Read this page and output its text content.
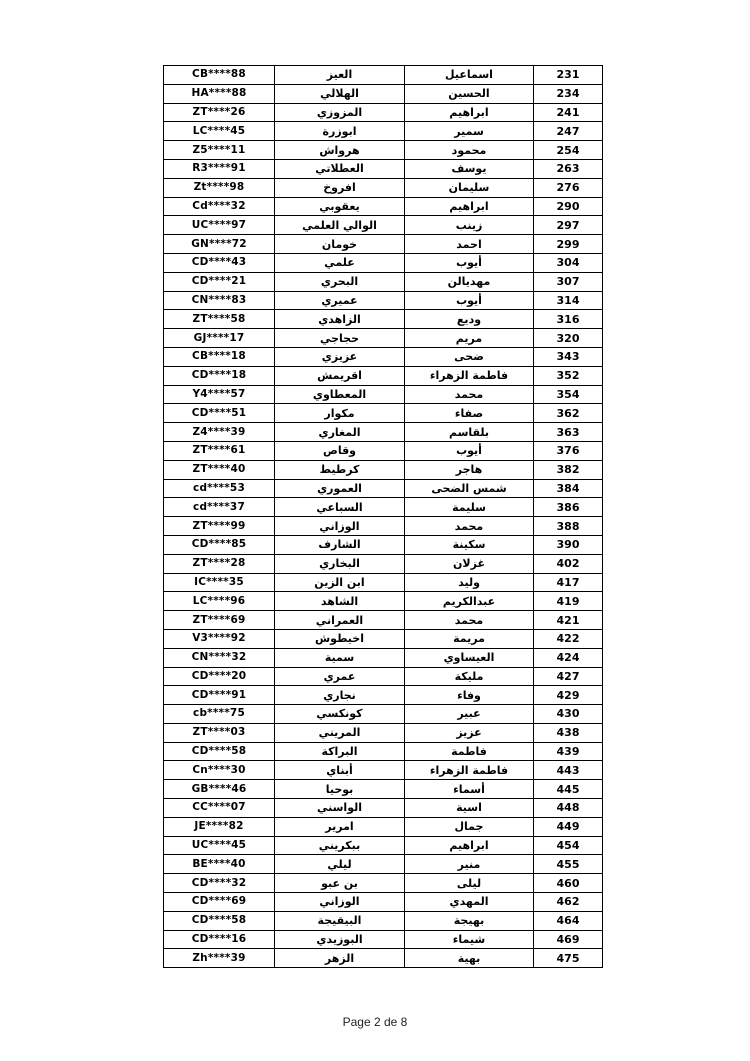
CB****88	العيز	اسماعيل	231
HA****88	الهلالي	الحسين	234
ZT****26	المزوزي	ابراهيم	241
LC****45	ابوزرة	سمير	247
Z5****11	هرواش	محمود	254
R3****91	العطلاتي	يوسف	263
Zt****98	افروخ	سليمان	276
Cd****32	يعقوبي	ابراهيم	290
UC****97	الوالي العلمي	زينب	297
GN****72	خومان	احمد	299
CD****43	علمي	أيوب	304
CD****21	البحري	مهديالن	307
CN****83	عميري	أيوب	314
ZT****58	الزاهدي	وديع	316
GJ****17	حجاجي	مريم	320
CB****18	عزيزي	ضحى	343
CD****18	اقريمش	فاطمة الزهراء	352
Y4****57	المعطاوي	محمد	354
CD****51	مكوار	صفاء	362
Z4****39	المغاري	بلقاسم	363
ZT****61	وقاص	أيوب	376
ZT****40	كرطيط	هاجر	382
cd****53	العموري	شمس الضحى	384
cd****37	السباعي	سليمة	386
ZT****99	الوزاني	محمد	388
CD****85	الشارف	سكينة	390
ZT****28	البخاري	غزلان	402
IC****35	ابن الزين	وليد	417
LC****96	الشاهد	عبدالكريم	419
ZT****69	العمراني	محمد	421
V3****92	اخيطوش	مريمة	422
CN****32	سمية	العيساوي	424
CD****20	عمري	مليكة	427
CD****91	نجاري	وفاء	429
cb****75	كونكسي	عبير	430
ZT****03	المريني	عزيز	438
CD****58	البراكة	فاطمة	439
Cn****30	أبناي	فاطمة الزهراء	443
GB****46	بوحيا	أسماء	445
CC****07	الواسني	اسية	448
JE****82	امرير	جمال	449
UC****45	ببكريني	ابراهيم	454
BE****40	ليلي	منير	455
CD****32	بن عبو	ليلى	460
CD****69	الوزاني	المهدي	462
CD****58	البيقيجة	بهيجة	464
CD****16	البوزيدي	شيماء	469
Zh****39	الزهر	بهية	475
Page 2 de 8
